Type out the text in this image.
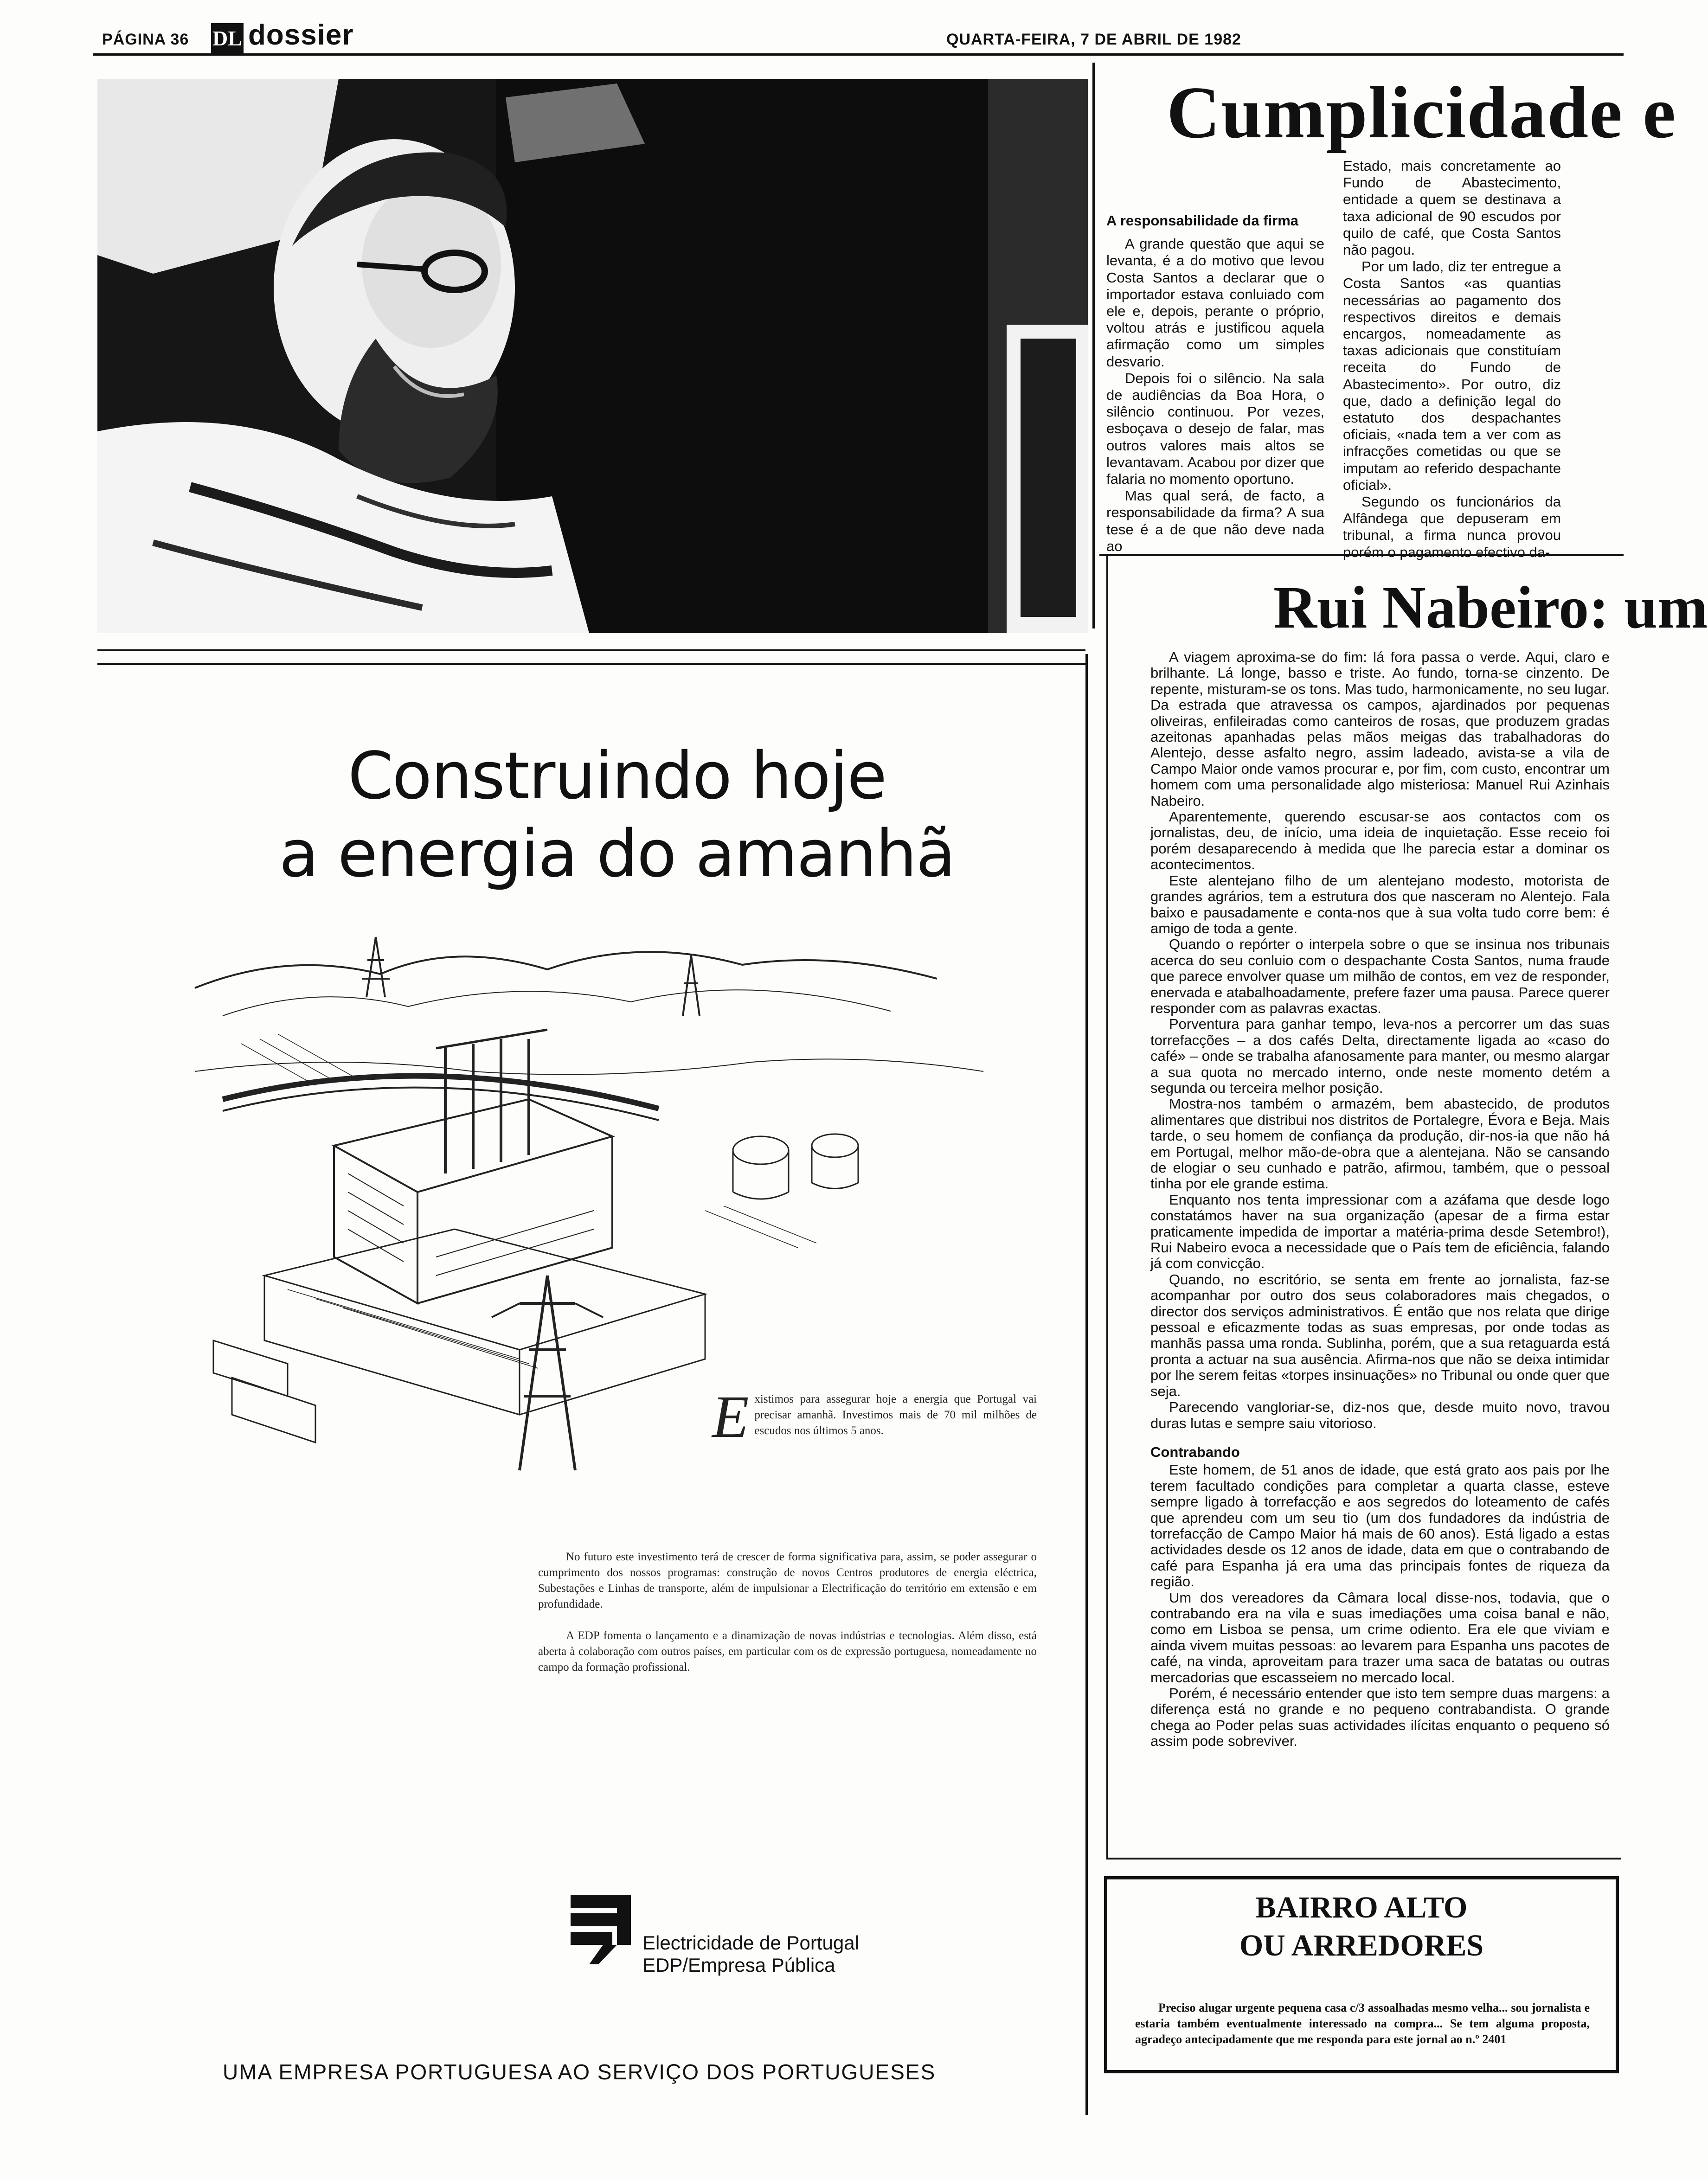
PÁGINA 36 DL dossier	QUARTA-FEIRA, 7 DE ABRIL DE 1982
Cumplicidade e

A responsabilidade da firma

A grande questão que aqui se levanta, é a do motivo que levou Costa Santos a declarar que o importador estava conluiado com ele e, depois, perante o próprio, voltou atrás e justificou aquela afirmação como um simples desvario.

Depois foi o silêncio. Na sala de audiências da Boa Hora, o silêncio continuou. Por vezes, esboçava o desejo de falar, mas outros valores mais altos se levantavam. Acabou por dizer que falaria no momento oportuno.

Mas qual será, de facto, a responsabilidade da firma? A sua tese é a de que não deve nada ao

Estado, mais concretamente ao Fundo de Abastecimento, entidade a quem se destinava a taxa adicional de 90 escudos por quilo de café, que Costa Santos não pagou.

Por um lado, diz ter entregue a Costa Santos «as quantias necessárias ao pagamento dos respectivos direitos e demais encargos, nomeadamente as taxas adicionais que constituíam receita do Fundo de Abastecimento». Por outro, diz que, dado a definição legal do estatuto dos despachantes oficiais, «nada tem a ver com as infracções cometidas ou que se imputam ao referido despachante oficial».

Segundo os funcionários da Alfândega que depuseram em tribunal, a firma nunca provou porém o pagamento efectivo da-

Rui Nabeiro: um

A viagem aproxima-se do fim: lá fora passa o verde. Aqui, claro e brilhante. Lá longe, basso e triste. Ao fundo, torna-se cinzento. De repente, misturam-se os tons. Mas tudo, harmonicamente, no seu lugar. Da estrada que atravessa os campos, ajardinados por pequenas oliveiras, enfileiradas como canteiros de rosas, que produzem gradas azeitonas apanhadas pelas mãos meigas das trabalhadoras do Alentejo, desse asfalto negro, assim ladeado, avista-se a vila de Campo Maior onde vamos procurar e, por fim, com custo, encontrar um homem com uma personalidade algo misteriosa: Manuel Rui Azinhais Nabeiro.

Aparentemente, querendo escusar-se aos contactos com os jornalistas, deu, de início, uma ideia de inquietação. Esse receio foi porém desaparecendo à medida que lhe parecia estar a dominar os acontecimentos.

Este alentejano filho de um alentejano modesto, motorista de grandes agrários, tem a estrutura dos que nasceram no Alentejo. Fala baixo e pausadamente e conta-nos que à sua volta tudo corre bem: é amigo de toda a gente.

Quando o repórter o interpela sobre o que se insinua nos tribunais acerca do seu conluio com o despachante Costa Santos, numa fraude que parece envolver quase um milhão de contos, em vez de responder, enervada e atabalhoadamente, prefere fazer uma pausa. Parece querer responder com as palavras exactas.

Porventura para ganhar tempo, leva-nos a percorrer um das suas torrefacções – a dos cafés Delta, directamente ligada ao «caso do café» – onde se trabalha afanosamente para manter, ou mesmo alargar a sua quota no mercado interno, onde neste momento detém a segunda ou terceira melhor posição.

Mostra-nos também o armazém, bem abastecido, de produtos alimentares que distribui nos distritos de Portalegre, Évora e Beja. Mais tarde, o seu homem de confiança da produção, dir-nos-ia que não há em Portugal, melhor mão-de-obra que a alentejana. Não se cansando de elogiar o seu cunhado e patrão, afirmou, também, que o pessoal tinha por ele grande estima.

Enquanto nos tenta impressionar com a azáfama que desde logo constatámos haver na sua organização (apesar de a firma estar praticamente impedida de importar a matéria-prima desde Setembro!), Rui Nabeiro evoca a necessidade que o País tem de eficiência, falando já com convicção.

Quando, no escritório, se senta em frente ao jornalista, faz-se acompanhar por outro dos seus colaboradores mais chegados, o director dos serviços administrativos. É então que nos relata que dirige pessoal e eficazmente todas as suas empresas, por onde todas as manhãs passa uma ronda. Sublinha, porém, que a sua retaguarda está pronta a actuar na sua ausência. Afirma-nos que não se deixa intimidar por lhe serem feitas «torpes insinuações» no Tribunal ou onde quer que seja.

Parecendo vangloriar-se, diz-nos que, desde muito novo, travou duras lutas e sempre saiu vitorioso.

Contrabando

Este homem, de 51 anos de idade, que está grato aos pais por lhe terem facultado condições para completar a quarta classe, esteve sempre ligado à torrefacção e aos segredos do loteamento de cafés que aprendeu com um seu tio (um dos fundadores da indústria de torrefacção de Campo Maior há mais de 60 anos). Está ligado a estas actividades desde os 12 anos de idade, data em que o contrabando de café para Espanha já era uma das principais fontes de riqueza da região.

Um dos vereadores da Câmara local disse-nos, todavia, que o contrabando era na vila e suas imediações uma coisa banal e não, como em Lisboa se pensa, um crime odiento. Era ele que viviam e ainda vivem muitas pessoas: ao levarem para Espanha uns pacotes de café, na vinda, aproveitam para trazer uma saca de batatas ou outras mercadorias que escasseiem no mercado local.

Porém, é necessário entender que isto tem sempre duas margens: a diferença está no grande e no pequeno contrabandista. O grande chega ao Poder pelas suas actividades ilícitas enquanto o pequeno só assim pode sobreviver.

Construindo hoje
a energia do amanhã
E xistimos para assegurar hoje a energia que Portugal vai precisar amanhã. Investimos mais de 70 mil milhões de escudos nos últimos 5 anos.

No futuro este investimento terá de crescer de forma significativa para, assim, se poder assegurar o cumprimento dos nossos programas: construção de novos Centros produtores de energia eléctrica, Subestações e Linhas de transporte, além de impulsionar a Electrificação do território em extensão e em profundidade.

A EDP fomenta o lançamento e a dinamização de novas indústrias e tecnologias. Além disso, está aberta à colaboração com outros países, em particular com os de expressão portuguesa, nomeadamente no campo da formação profissional.

Electricidade de Portugal
EDP/Empresa Pública
UMA EMPRESA PORTUGUESA AO SERVIÇO DOS PORTUGUESES
BAIRRO ALTO
OU ARREDORES
Preciso alugar urgente pequena casa c/3 assoalhadas mesmo velha... sou jornalista e estaria também eventualmente interessado na compra... Se tem alguma proposta, agradeço antecipadamente que me responda para este jornal ao n.º 2401
